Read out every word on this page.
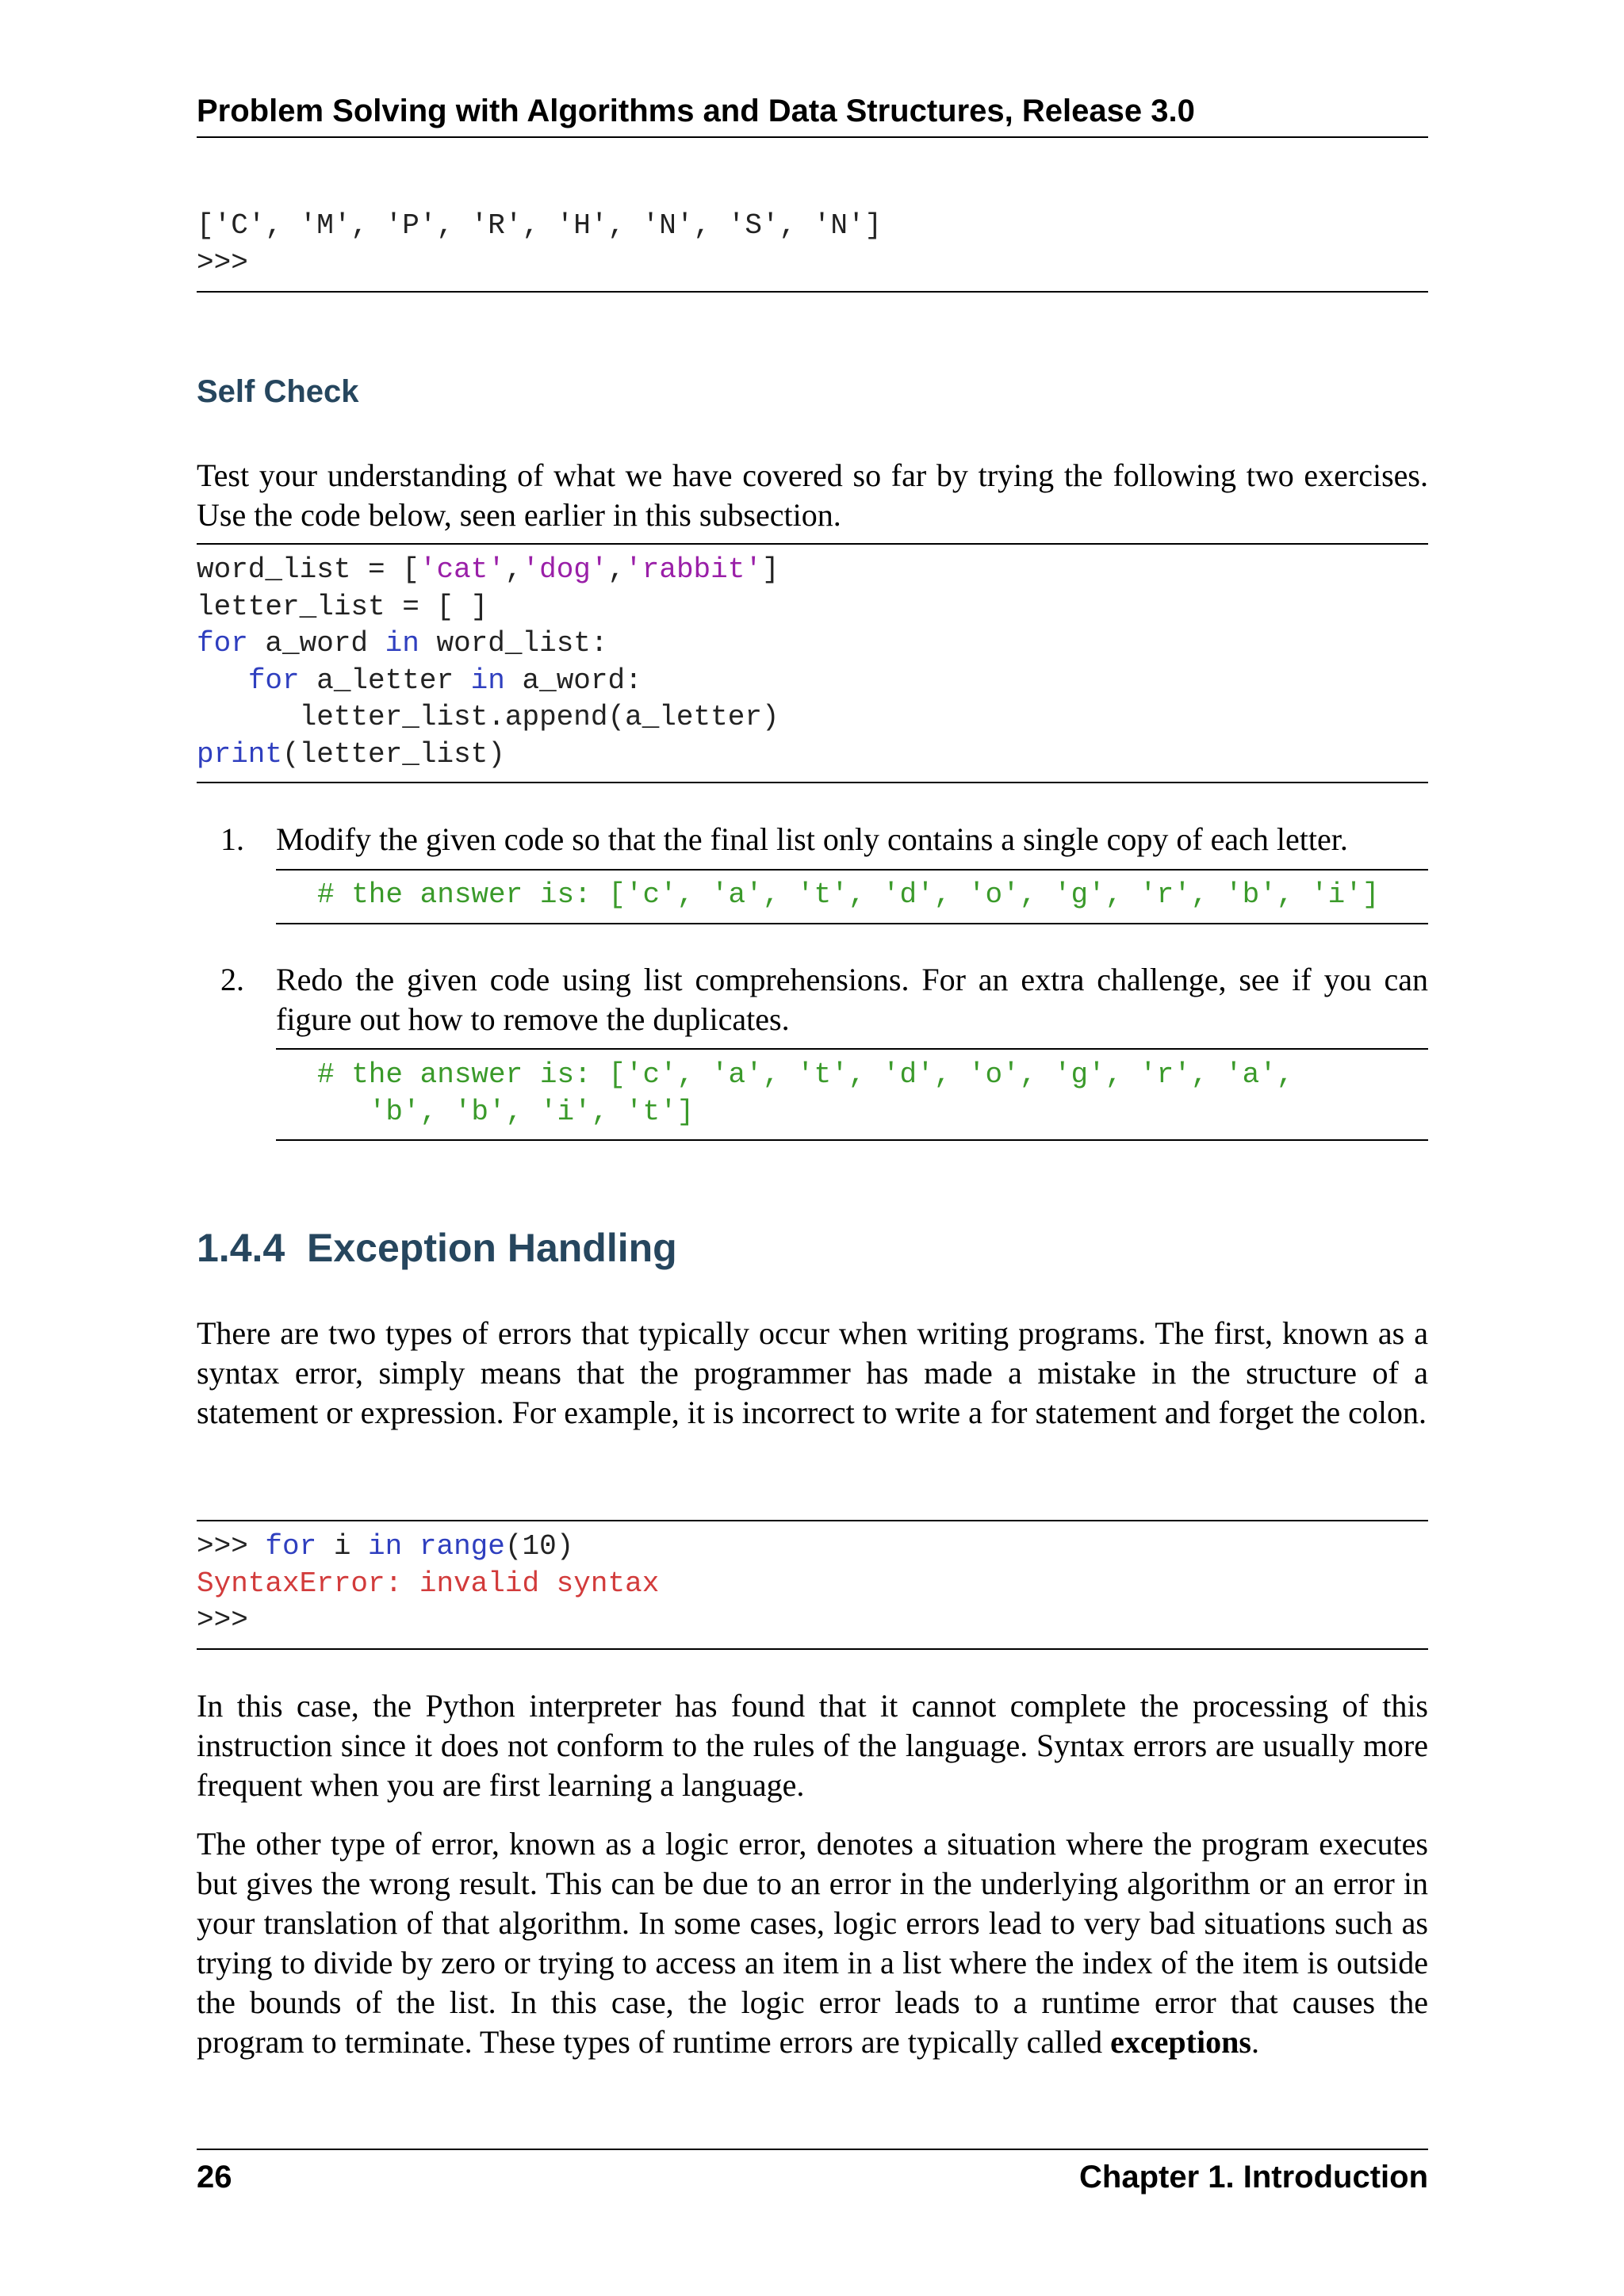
Problem Solving with Algorithms and Data Structures, Release 3.0
['C', 'M', 'P', 'R', 'H', 'N', 'S', 'N']
>>>
Self Check
Test your understanding of what we have covered so far by trying the following two exercises. Use the code below, seen earlier in this subsection.
word_list = ['cat','dog','rabbit']
letter_list = [ ]
for a_word in word_list:
for a_letter in a_word:
letter_list.append(a_letter)
print(letter_list)
1. Modify the given code so that the final list only contains a single copy of each letter.
# the answer is: ['c', 'a', 't', 'd', 'o', 'g', 'r', 'b', 'i']
2. Redo the given code using list comprehensions. For an extra challenge, see if you can figure out how to remove the duplicates.
# the answer is: ['c', 'a', 't', 'd', 'o', 'g', 'r', 'a',
'b', 'b', 'i', 't']
1.4.4 Exception Handling
There are two types of errors that typically occur when writing programs. The first, known as a syntax error, simply means that the programmer has made a mistake in the structure of a statement or expression. For example, it is incorrect to write a for statement and forget the colon.
>>> for i in range(10)
SyntaxError: invalid syntax
>>>
In this case, the Python interpreter has found that it cannot complete the processing of this instruction since it does not conform to the rules of the language. Syntax errors are usually more frequent when you are first learning a language.
The other type of error, known as a logic error, denotes a situation where the program executes but gives the wrong result. This can be due to an error in the underlying algorithm or an error in your translation of that algorithm. In some cases, logic errors lead to very bad situations such as trying to divide by zero or trying to access an item in a list where the index of the item is outside the bounds of the list. In this case, the logic error leads to a runtime error that causes the program to terminate. These types of runtime errors are typically called exceptions.
26	Chapter 1. Introduction
